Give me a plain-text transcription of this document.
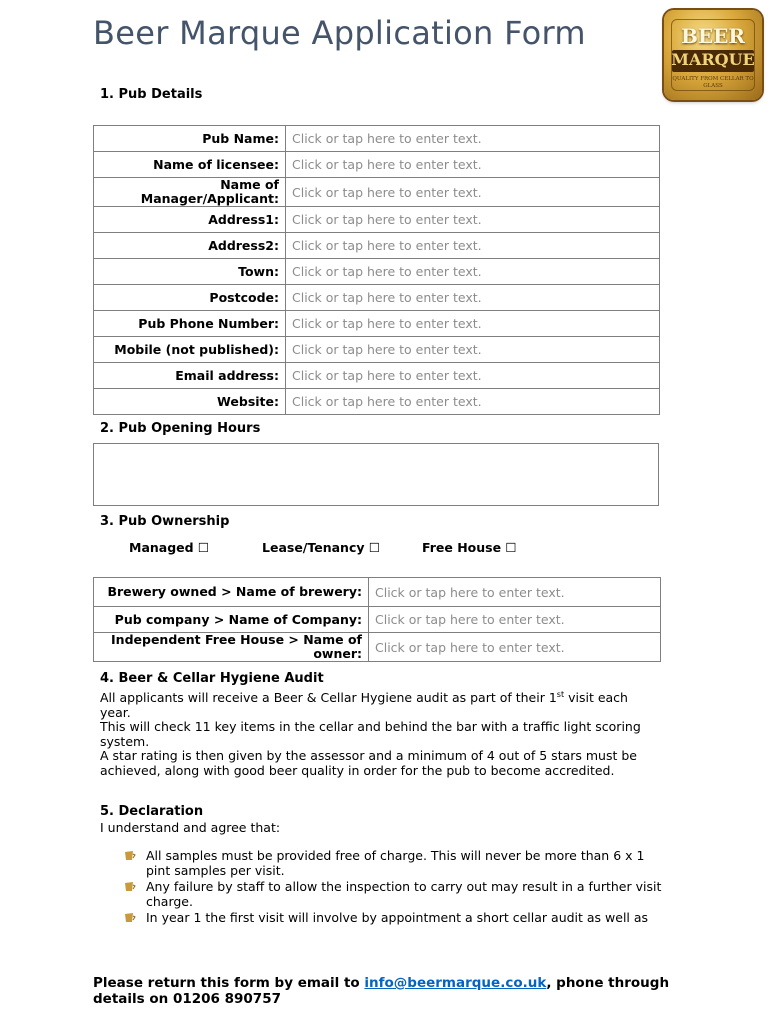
Beer Marque Application Form	BEER
MARQUE
QUALITY FROM CELLAR TO GLASS
1. Pub Details
Pub Name:	Click or tap here to enter text.
Name of licensee:	Click or tap here to enter text.
Name of Manager/Applicant:	Click or tap here to enter text.
Address1:	Click or tap here to enter text.
Address2:	Click or tap here to enter text.
Town:	Click or tap here to enter text.
Postcode:	Click or tap here to enter text.
Pub Phone Number:	Click or tap here to enter text.
Mobile (not published):	Click or tap here to enter text.
Email address:	Click or tap here to enter text.
Website:	Click or tap here to enter text.
2. Pub Opening Hours
3. Pub Ownership
Managed ☐	Lease/Tenancy ☐	Free House ☐
Brewery owned > Name of brewery:	Click or tap here to enter text.
Pub company > Name of Company:	Click or tap here to enter text.
Independent Free House > Name of owner:	Click or tap here to enter text.
4. Beer & Cellar Hygiene Audit

All applicants will receive a Beer & Cellar Hygiene audit as part of their 1st visit each year.

This will check 11 key items in the cellar and behind the bar with a traffic light scoring system.

A star rating is then given by the assessor and a minimum of 4 out of 5 stars must be achieved, along with good beer quality in order for the pub to become accredited.

5. Declaration
I understand and agree that:
All samples must be provided free of charge. This will never be more than 6 x 1 pint samples per visit.
Any failure by staff to allow the inspection to carry out may result in a further visit charge.
In year 1 the first visit will involve by appointment a short cellar audit as well as
Please return this form by email to info@beermarque.co.uk, phone through details on 01206 890757
